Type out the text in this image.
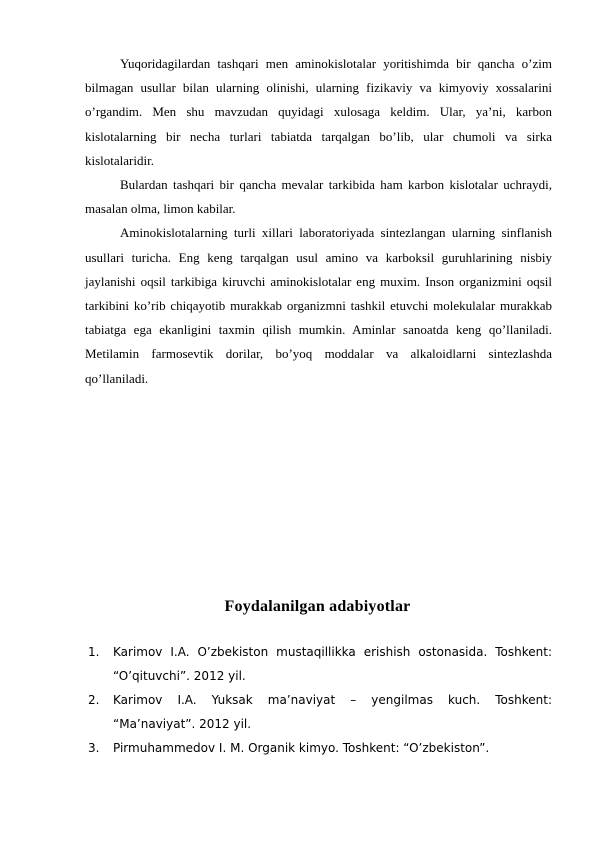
Yuqoridagilardan tashqari men aminokislotalar yoritishimda bir qancha o’zim bilmagan usullar bilan ularning olinishi, ularning fizikaviy va kimyoviy xossalarini o’rgandim. Men shu mavzudan quyidagi xulosaga keldim. Ular, ya’ni, karbon kislotalarning bir necha turlari tabiatda tarqalgan bo’lib, ular chumoli va sirka kislotalaridir.

Bulardan tashqari bir qancha mevalar tarkibida ham karbon kislotalar uchraydi, masalan olma, limon kabilar.

Aminokislotalarning turli xillari laboratoriyada sintezlangan ularning sinflanish usullari turicha. Eng keng tarqalgan usul amino va karboksil guruhlarining nisbiy jaylanishi oqsil tarkibiga kiruvchi aminokislotalar eng muxim. Inson organizmini oqsil tarkibini ko’rib chiqayotib murakkab organizmni tashkil etuvchi molekulalar murakkab tabiatga ega ekanligini taxmin qilish mumkin. Aminlar sanoatda keng qo’llaniladi. Metilamin farmosevtik dorilar, bo’yoq moddalar va alkaloidlarni sintezlashda qo’llaniladi.

Foydalanilgan adabiyotlar
1. Karimov I.A. O’zbekiston mustaqillikka erishish ostonasida. Toshkent: “O’qituvchi”. 2012 yil.
2. Karimov I.A. Yuksak ma’naviyat – yengilmas kuch. Toshkent: “Ma’naviyat”. 2012 yil.
3. Pirmuhammedov I. M. Organik kimyo. Toshkent: “O’zbekiston”.
